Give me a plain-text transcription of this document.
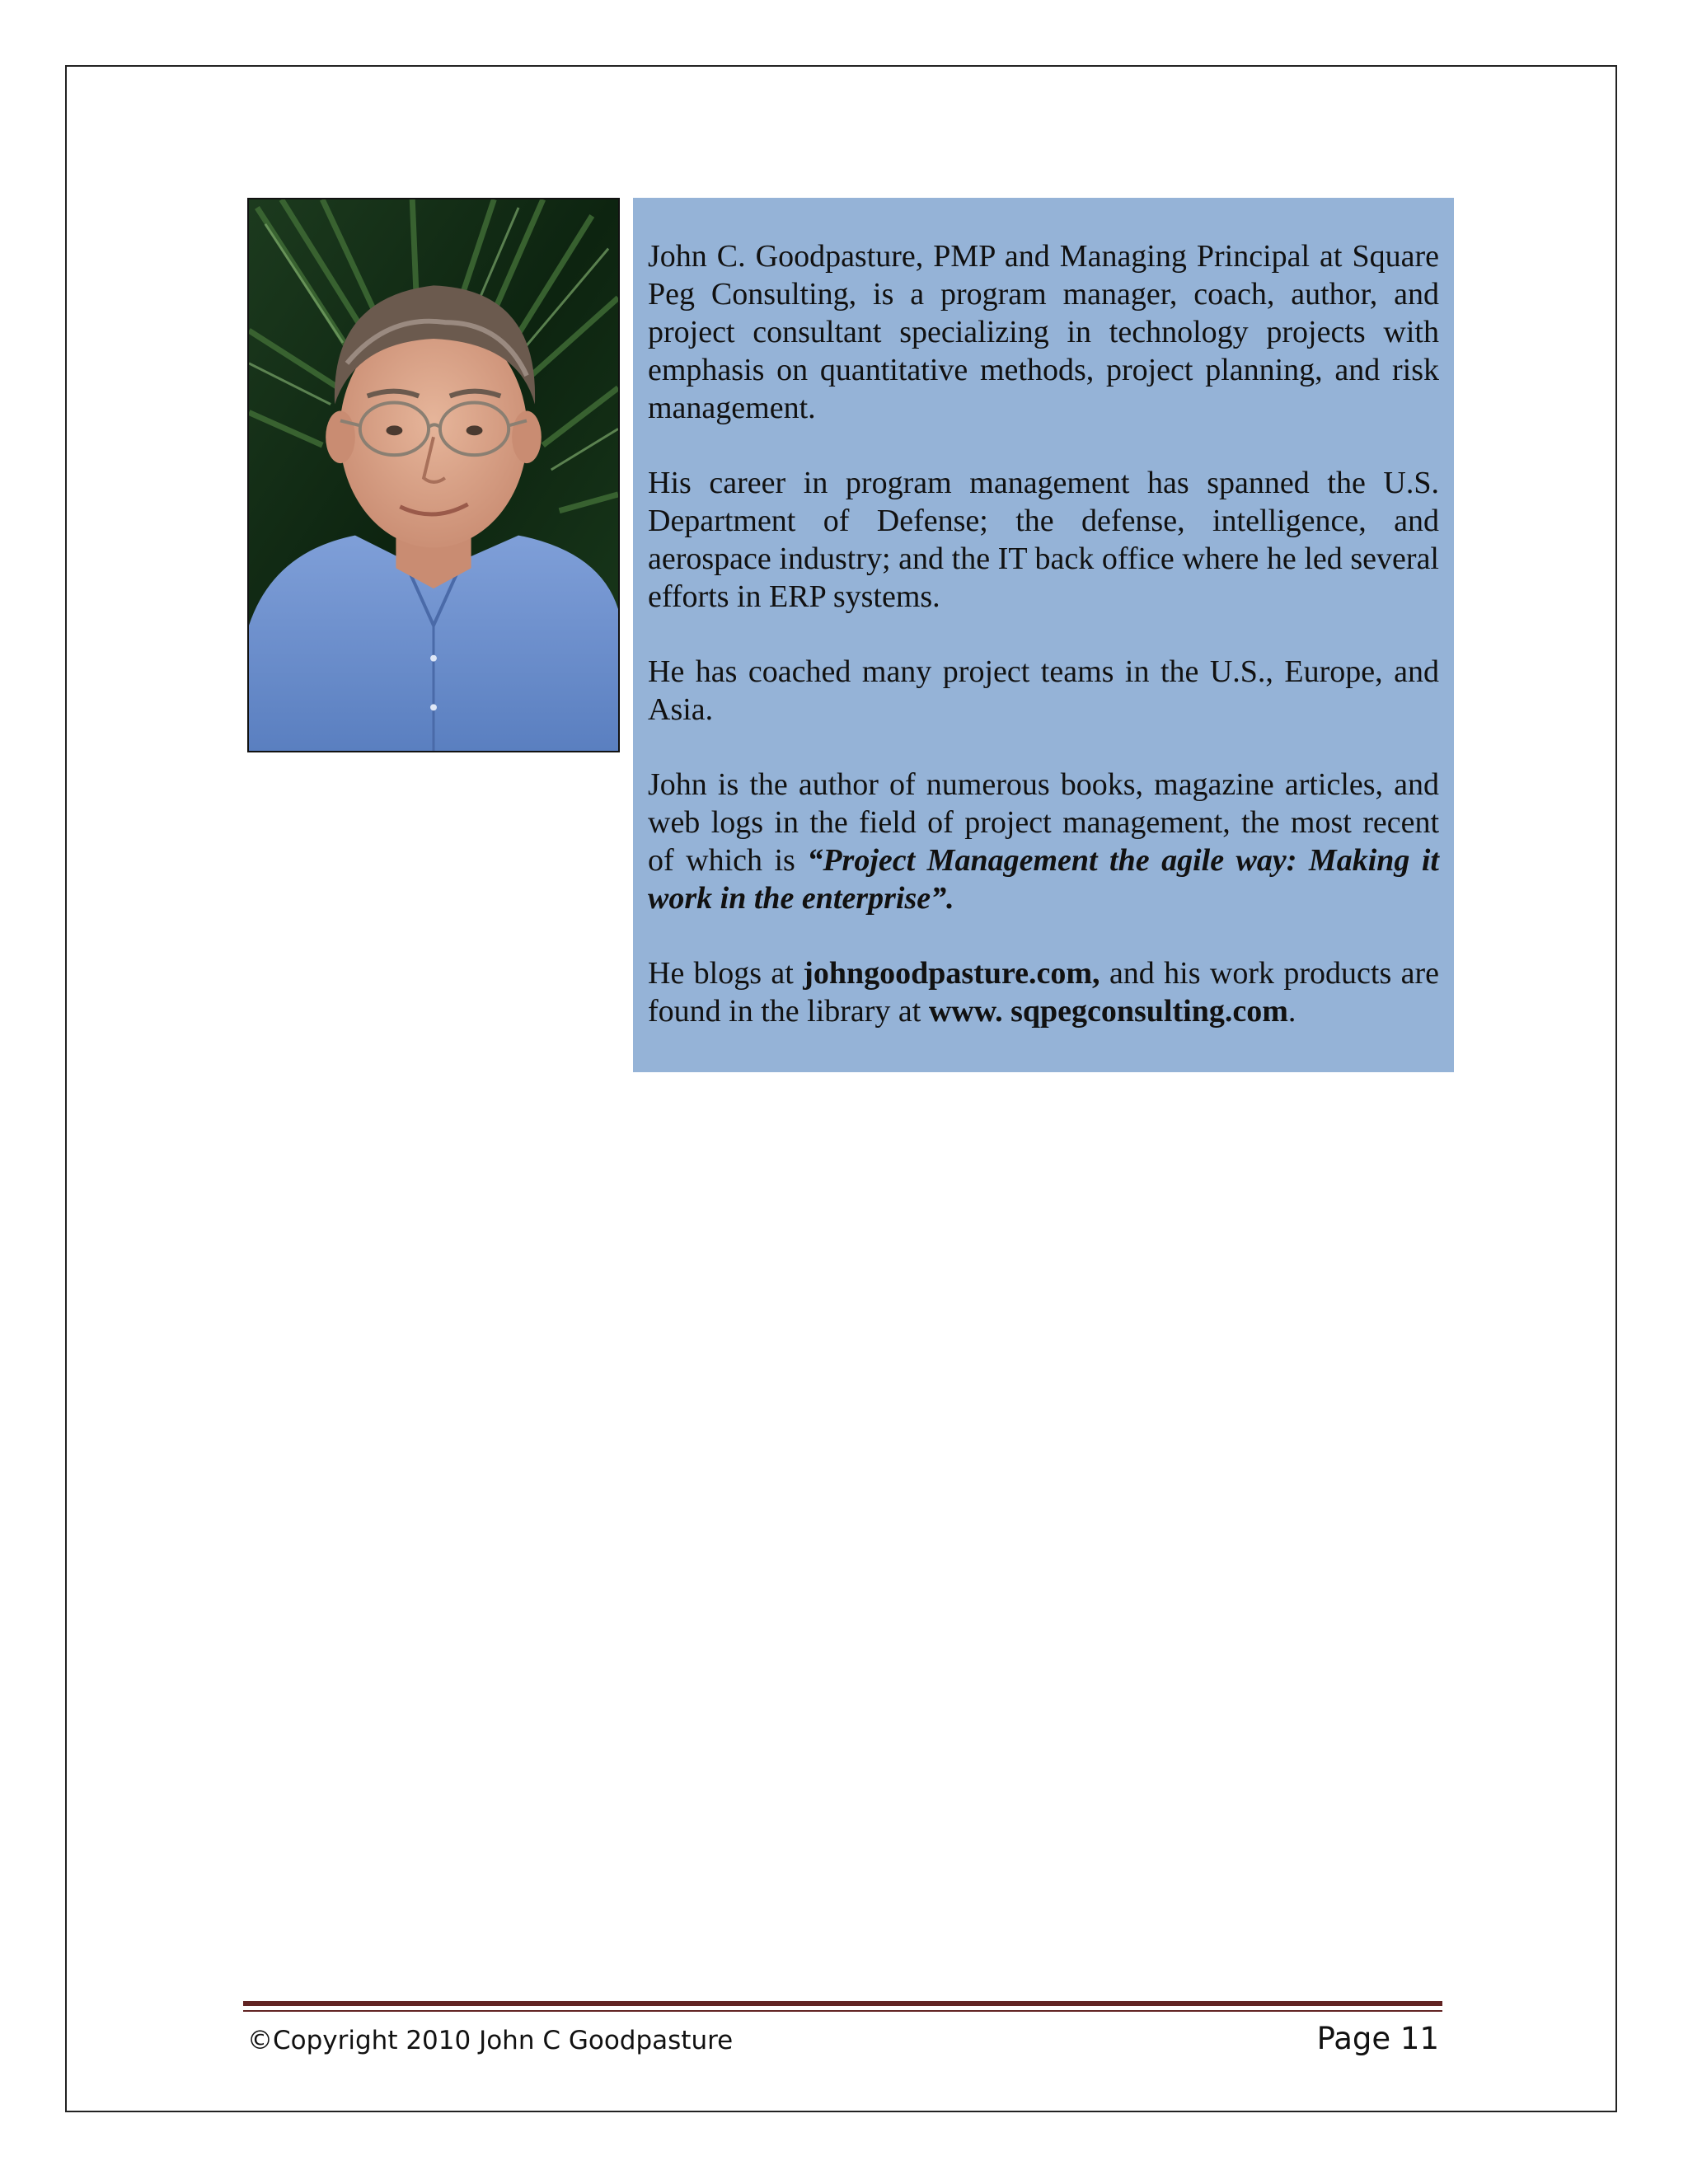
John C. Goodpasture, PMP and Managing Principal at Square Peg Consulting, is a program manager, coach, author, and project consultant specializing in technology projects with emphasis on quantitative methods, project planning, and risk management.

His career in program management has spanned the U.S. Department of Defense; the defense, intelligence, and aerospace industry; and the IT back office where he led several efforts in ERP systems.

He has coached many project teams in the U.S., Europe, and Asia.

John is the author of numerous books, magazine articles, and web logs in the field of project management, the most recent of which is “Project Management the agile way: Making it work in the enterprise”.

He blogs at johngoodpasture.com, and his work products are found in the library at www. sqpegconsulting.com.

©Copyright 2010 John C Goodpasture	Page 11
